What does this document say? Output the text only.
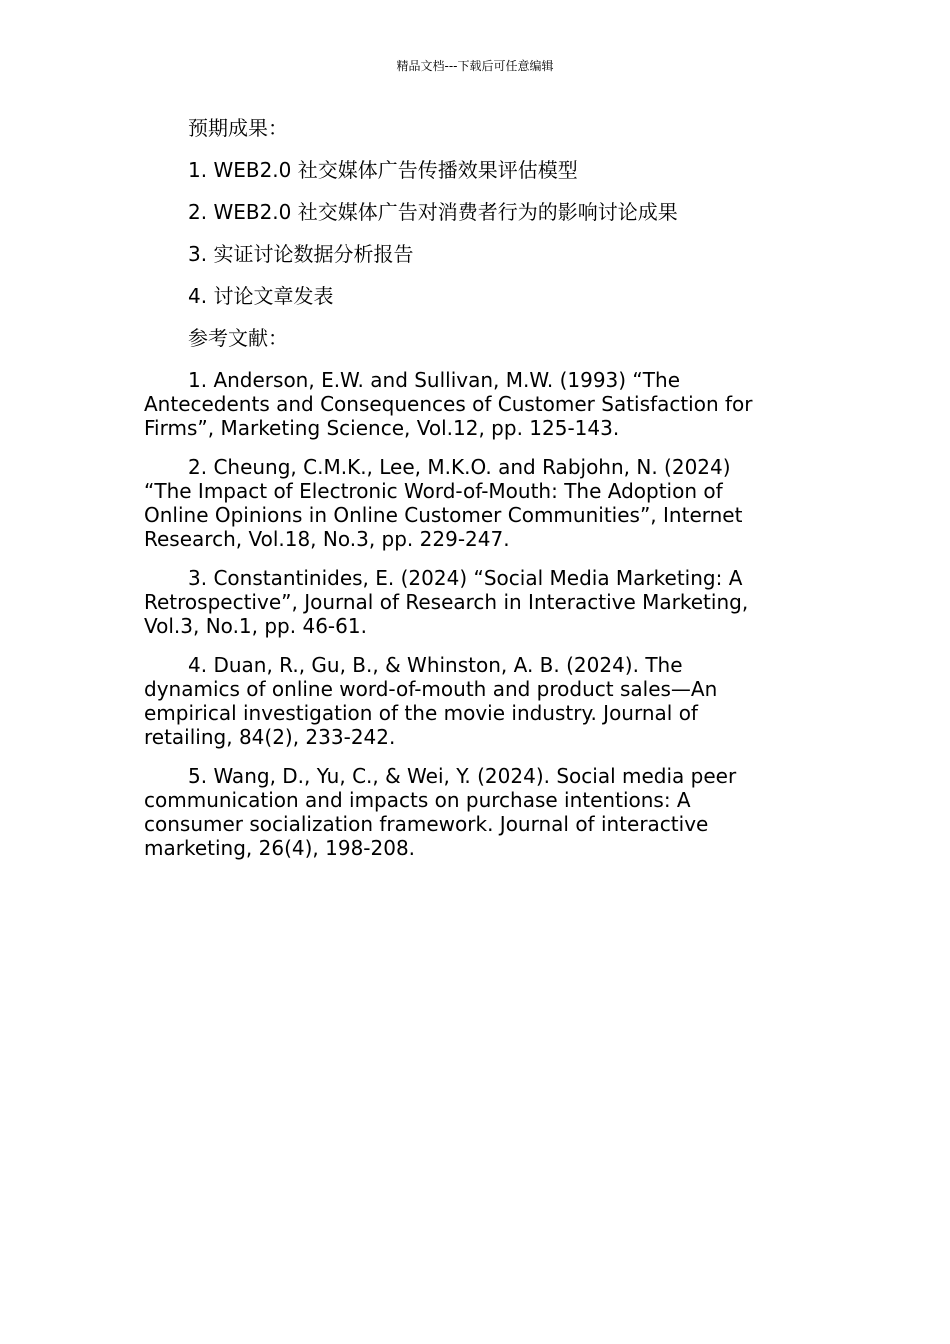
精品文档---下载后可任意编辑

预期成果：

1. WEB2.0 社交媒体广告传播效果评估模型
2. WEB2.0 社交媒体广告对消费者行为的影响讨论成果
3. 实证讨论数据分析报告
4. 讨论文章发表

参考文献：

1. Anderson, E.W. and Sullivan, M.W. (1993) “The Antecedents and Consequences of Customer Satisfaction for Firms”, Marketing Science, Vol.12, pp. 125-143.
2. Cheung, C.M.K., Lee, M.K.O. and Rabjohn, N. (2024) “The Impact of Electronic Word-of-Mouth: The Adoption of Online Opinions in Online Customer Communities”, Internet Research, Vol.18, No.3, pp. 229-247.
3. Constantinides, E. (2024) “Social Media Marketing: A Retrospective”, Journal of Research in Interactive Marketing, Vol.3, No.1, pp. 46-61.
4. Duan, R., Gu, B., & Whinston, A. B. (2024). The dynamics of online word-of-mouth and product sales—An empirical investigation of the movie industry. Journal of retailing, 84(2), 233-242.
5. Wang, D., Yu, C., & Wei, Y. (2024). Social media peer communication and impacts on purchase intentions: A consumer socialization framework. Journal of interactive marketing, 26(4), 198-208.
